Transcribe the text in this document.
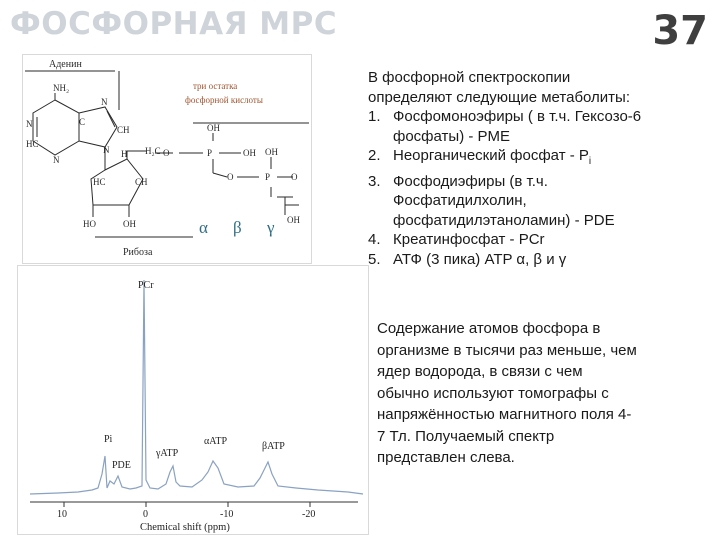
ФОСФОРНАЯ МРС	37
Аденин
три остатка
фосфорной кислоты
Рибоза
NH₂
N
HC
N
C
N
CH
N H H₂C O	P
OH
OH
O	P
OH
O
OH
HC	CH
HO	OH	α β γ
PCr
Pi
PDE
γATP
αATP	βATP
10	0	-10	-20
Chemical shift (ppm)

В фосфорной спектроскопии

определяют следующие метаболиты:

1. Фосфомоноэфиры ( в т.ч. Гексозо-6
фосфаты) - PME
2. Неорганический фосфат - $P_i$
3. Фосфодиэфиры (в т.ч.
Фосфатидилхолин,
фосфатидилэтаноламин) - PDE
4. Креатинфосфат - PCr
5. АТФ (3 пика) ATP α, β и γ
Содержание атомов фосфора в
организме в тысячи раз меньше, чем
ядер водорода, в связи с чем
обычно используют томографы с
напряжённостью магнитного поля 4-
7 Тл. Получаемый спектр
представлен слева.
